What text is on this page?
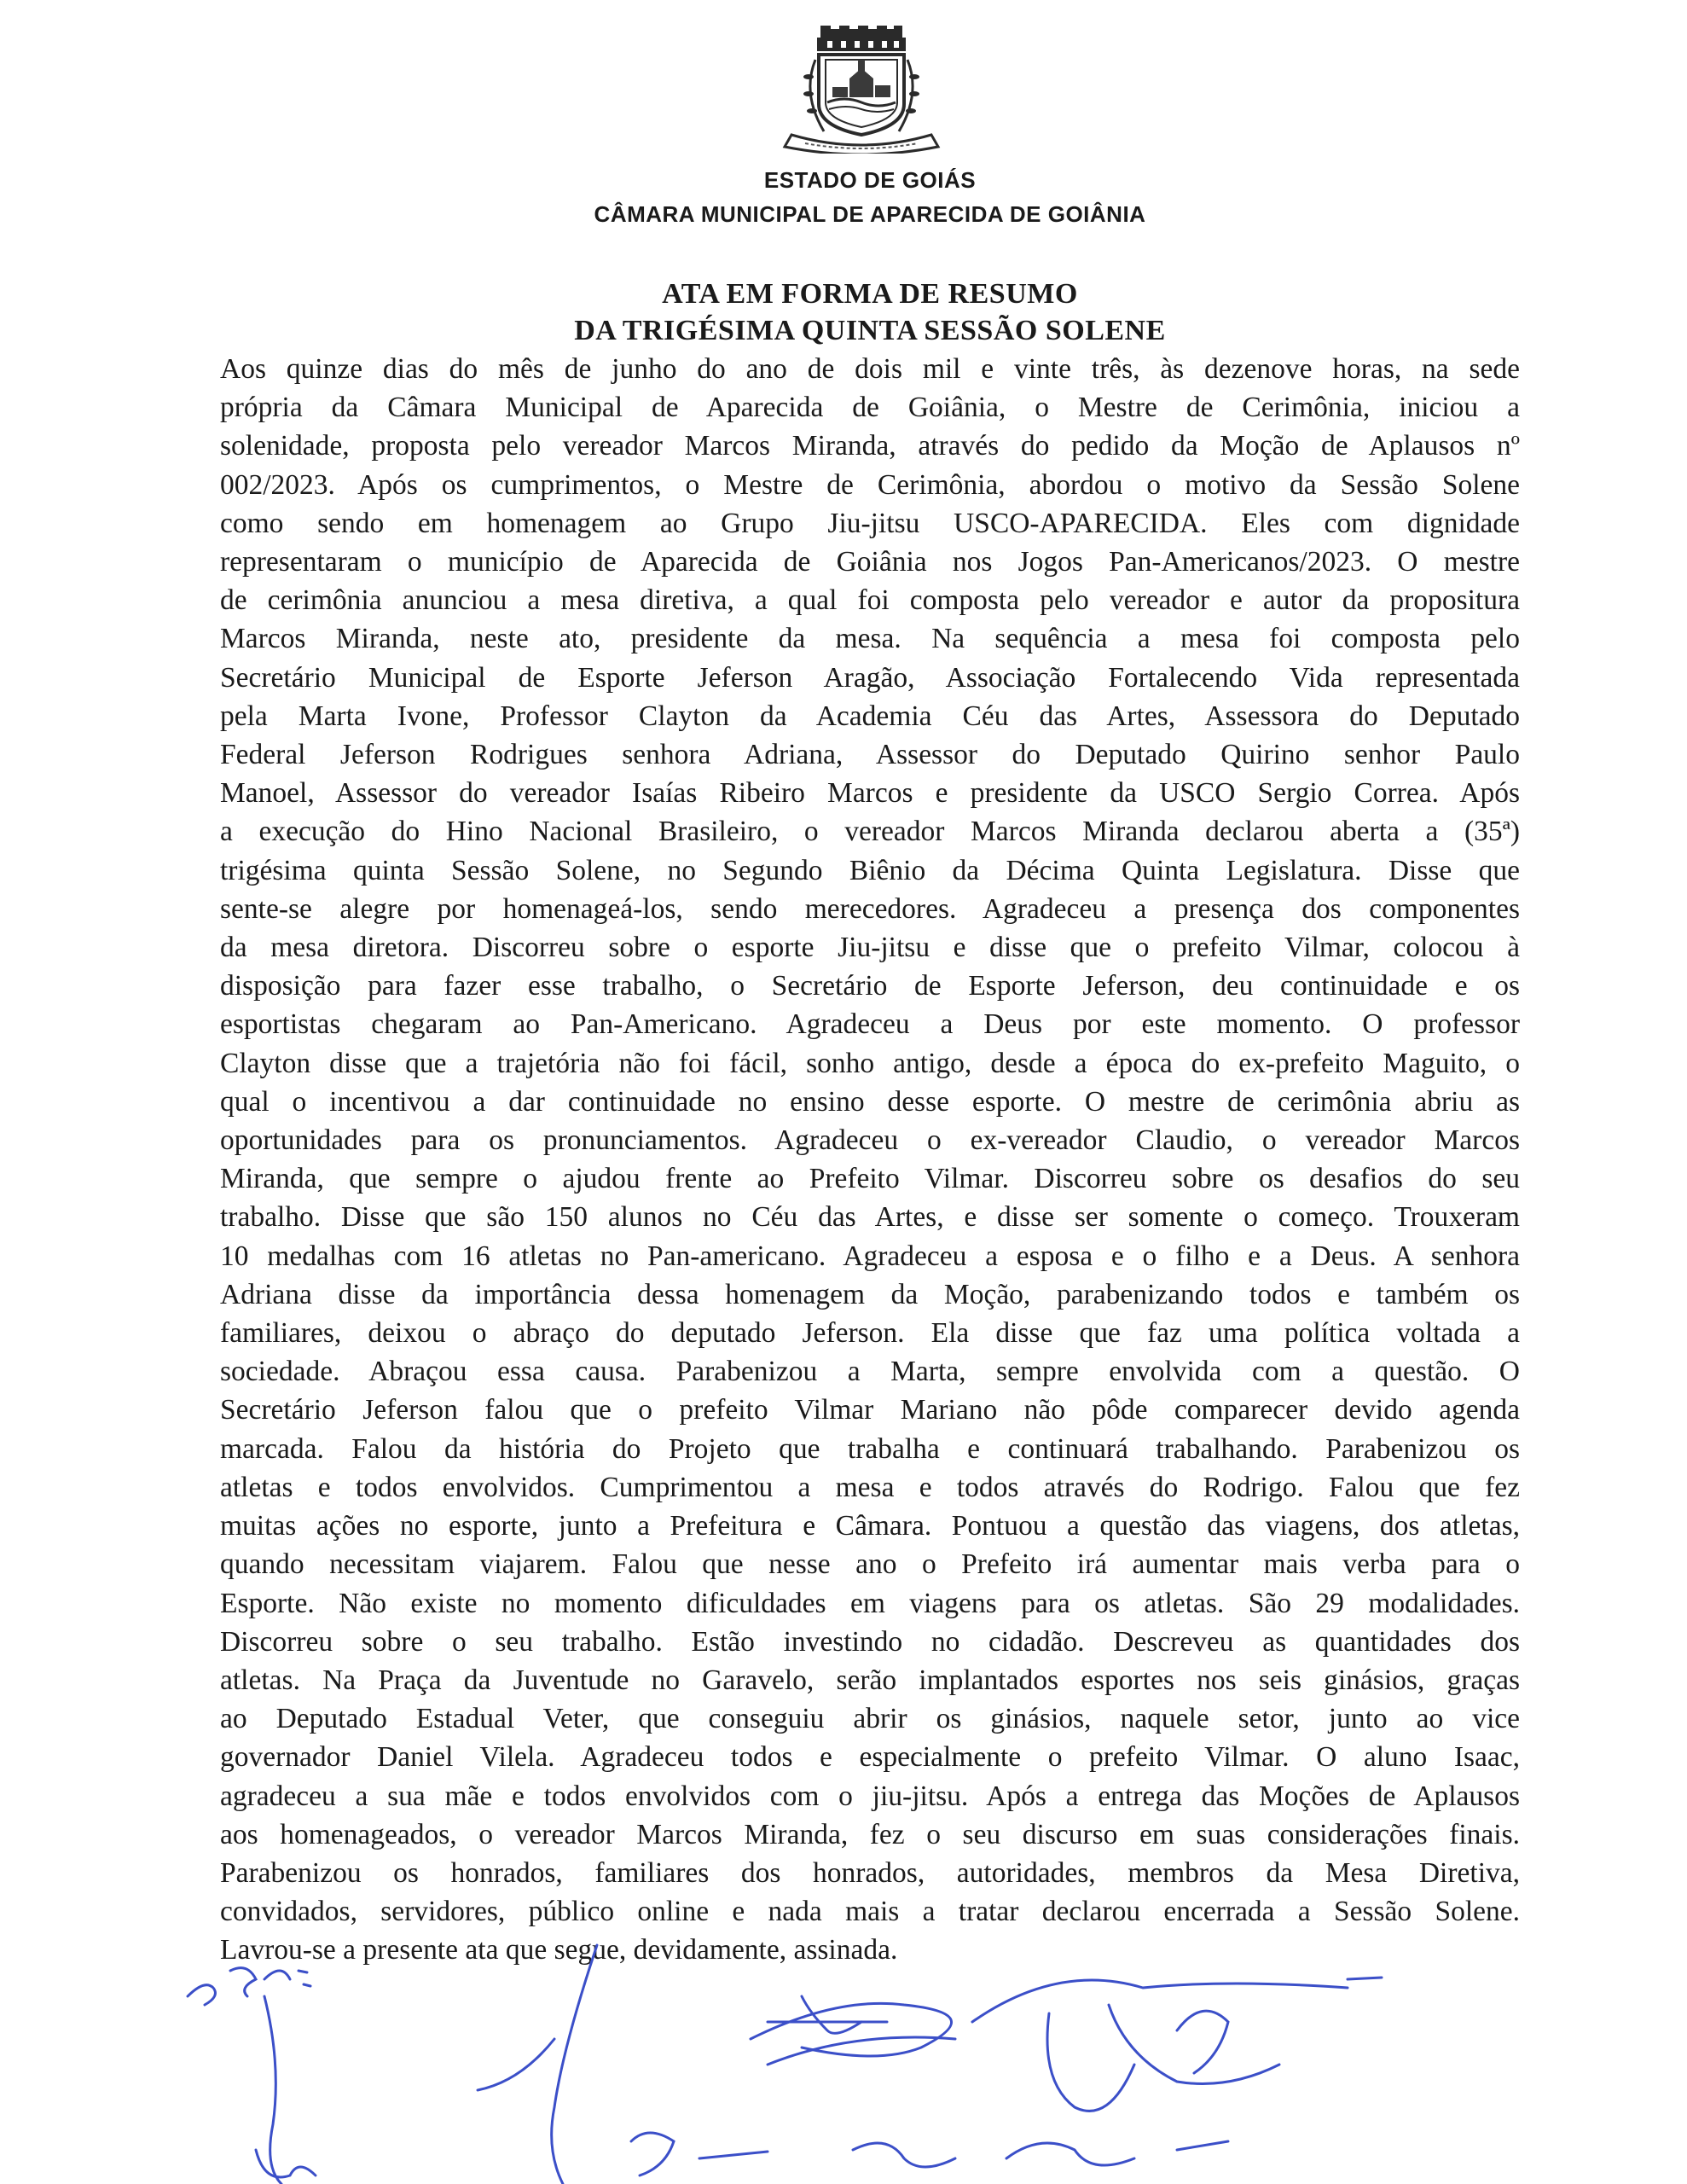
ESTADO DE GOIÁS
CÂMARA MUNICIPAL DE APARECIDA DE GOIÂNIA
ATA EM FORMA DE RESUMO
DA TRIGÉSIMA QUINTA SESSÃO SOLENE
Aos quinze dias do mês de junho do ano de dois mil e vinte três, às dezenove horas, na sede
própria da Câmara Municipal de Aparecida de Goiânia, o Mestre de Cerimônia, iniciou a
solenidade, proposta pelo vereador Marcos Miranda, através do pedido da Moção de Aplausos nº
002/2023. Após os cumprimentos, o Mestre de Cerimônia, abordou o motivo da Sessão Solene
como sendo em homenagem ao Grupo Jiu-jitsu USCO-APARECIDA. Eles com dignidade
representaram o município de Aparecida de Goiânia nos Jogos Pan-Americanos/2023. O mestre
de cerimônia anunciou a mesa diretiva, a qual foi composta pelo vereador e autor da propositura
Marcos Miranda, neste ato, presidente da mesa. Na sequência a mesa foi composta pelo
Secretário Municipal de Esporte Jeferson Aragão, Associação Fortalecendo Vida representada
pela Marta Ivone, Professor Clayton da Academia Céu das Artes, Assessora do Deputado
Federal Jeferson Rodrigues senhora Adriana, Assessor do Deputado Quirino senhor Paulo
Manoel, Assessor do vereador Isaías Ribeiro Marcos e presidente da USCO Sergio Correa. Após
a execução do Hino Nacional Brasileiro, o vereador Marcos Miranda declarou aberta a (35ª)
trigésima quinta Sessão Solene, no Segundo Biênio da Décima Quinta Legislatura. Disse que
sente-se alegre por homenageá-los, sendo merecedores. Agradeceu a presença dos componentes
da mesa diretora. Discorreu sobre o esporte Jiu-jitsu e disse que o prefeito Vilmar, colocou à
disposição para fazer esse trabalho, o Secretário de Esporte Jeferson, deu continuidade e os
esportistas chegaram ao Pan-Americano. Agradeceu a Deus por este momento. O professor
Clayton disse que a trajetória não foi fácil, sonho antigo, desde a época do ex-prefeito Maguito, o
qual o incentivou a dar continuidade no ensino desse esporte. O mestre de cerimônia abriu as
oportunidades para os pronunciamentos. Agradeceu o ex-vereador Claudio, o vereador Marcos
Miranda, que sempre o ajudou frente ao Prefeito Vilmar. Discorreu sobre os desafios do seu
trabalho. Disse que são 150 alunos no Céu das Artes, e disse ser somente o começo. Trouxeram
10 medalhas com 16 atletas no Pan-americano. Agradeceu a esposa e o filho e a Deus. A senhora
Adriana disse da importância dessa homenagem da Moção, parabenizando todos e também os
familiares, deixou o abraço do deputado Jeferson. Ela disse que faz uma política voltada a
sociedade. Abraçou essa causa. Parabenizou a Marta, sempre envolvida com a questão. O
Secretário Jeferson falou que o prefeito Vilmar Mariano não pôde comparecer devido agenda
marcada. Falou da história do Projeto que trabalha e continuará trabalhando. Parabenizou os
atletas e todos envolvidos. Cumprimentou a mesa e todos através do Rodrigo. Falou que fez
muitas ações no esporte, junto a Prefeitura e Câmara. Pontuou a questão das viagens, dos atletas,
quando necessitam viajarem. Falou que nesse ano o Prefeito irá aumentar mais verba para o
Esporte. Não existe no momento dificuldades em viagens para os atletas. São 29 modalidades.
Discorreu sobre o seu trabalho. Estão investindo no cidadão. Descreveu as quantidades dos
atletas. Na Praça da Juventude no Garavelo, serão implantados esportes nos seis ginásios, graças
ao Deputado Estadual Veter, que conseguiu abrir os ginásios, naquele setor, junto ao vice
governador Daniel Vilela. Agradeceu todos e especialmente o prefeito Vilmar. O aluno Isaac,
agradeceu a sua mãe e todos envolvidos com o jiu-jitsu. Após a entrega das Moções de Aplausos
aos homenageados, o vereador Marcos Miranda, fez o seu discurso em suas considerações finais.
Parabenizou os honrados, familiares dos honrados, autoridades, membros da Mesa Diretiva,
convidados, servidores, público online e nada mais a tratar declarou encerrada a Sessão Solene.
Lavrou-se a presente ata que segue, devidamente, assinada.
